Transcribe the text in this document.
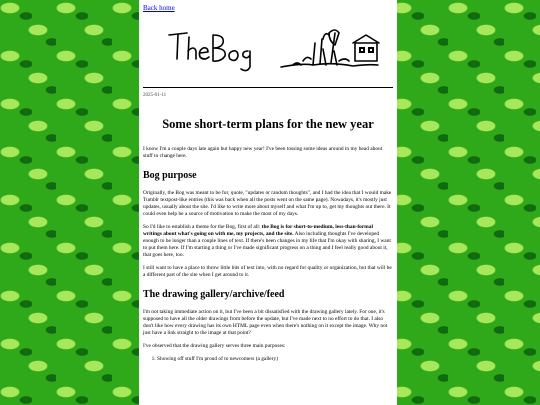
Back home
2025-01-11
Some short-term plans for the new year

I know I'm a couple days late again but happy new year! I've been tossing some ideas around in my head about stuff to change here.

Bog purpose

Originally, the Bog was meant to be for, quote, "updates or random thoughts", and I had the idea that I would make Tumblr textpost-like entries (this was back when all the posts went on the same page). Nowadays, it's mostly just updates, usually about the site. I'd like to write more about myself and what I'm up to, get my thoughts out there. It could even help be a source of motivation to make the most of my days.

So I'd like to establish a theme for the Bog, first of all: the Bog is for short-to-medium, less-than-formal writings about what's going on with me, my projects, and the site. Also including thoughts I've developed enough to be longer than a couple lines of text. If there's been changes in my life that I'm okay with sharing, I want to put them here. If I'm starting a thing or I've made significant progress on a thing and I feel really good about it, that goes here, too.

I still want to have a place to throw little bits of text into, with no regard for quality or organization, but that will be a different part of the site when I get around to it.

The drawing gallery/archive/feed

I'm not taking immediate action on it, but I've been a bit dissatisfied with the drawing gallery lately. For one, it's supposed to have all the older drawings from before the update, but I've made next to no effort to do that. I also don't like how every drawing has its own HTML page even when there's nothing on it except the image. Why not just have a link straight to the image at that point?

I've observed that the drawing gallery serves three main purposes:

1. Showing off stuff I'm proud of to newcomers (a gallery)
